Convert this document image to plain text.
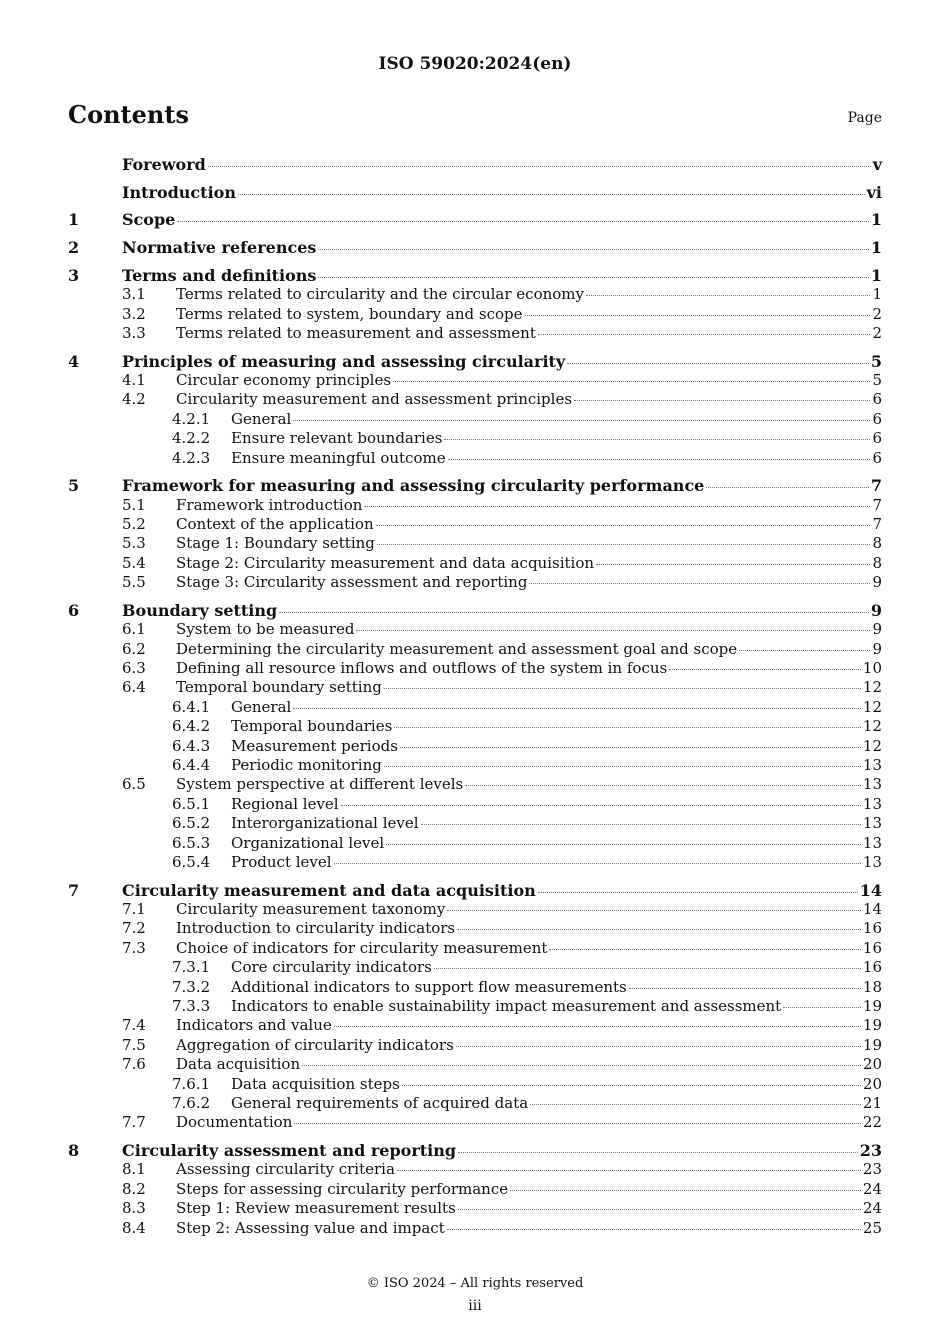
ISO 59020:2024(en)
Contents	Page
Foreword	v
Introduction	vi
1	Scope	1
2	Normative references	1
3	Terms and definitions	1
3.1	Terms related to circularity and the circular economy	1
3.2	Terms related to system, boundary and scope	2
3.3	Terms related to measurement and assessment	2
4	Principles of measuring and assessing circularity	5
4.1	Circular economy principles	5
4.2	Circularity measurement and assessment principles	6
4.2.1	General	6
4.2.2	Ensure relevant boundaries	6
4.2.3	Ensure meaningful outcome	6
5	Framework for measuring and assessing circularity performance	7
5.1	Framework introduction	7
5.2	Context of the application	7
5.3	Stage 1: Boundary setting	8
5.4	Stage 2: Circularity measurement and data acquisition	8
5.5	Stage 3: Circularity assessment and reporting	9
6	Boundary setting	9
6.1	System to be measured	9
6.2	Determining the circularity measurement and assessment goal and scope	9
6.3	Defining all resource inflows and outflows of the system in focus	10
6.4	Temporal boundary setting	12
6.4.1	General	12
6.4.2	Temporal boundaries	12
6.4.3	Measurement periods	12
6.4.4	Periodic monitoring	13
6.5	System perspective at different levels	13
6.5.1	Regional level	13
6.5.2	Interorganizational level	13
6.5.3	Organizational level	13
6.5.4	Product level	13
7	Circularity measurement and data acquisition	14
7.1	Circularity measurement taxonomy	14
7.2	Introduction to circularity indicators	16
7.3	Choice of indicators for circularity measurement	16
7.3.1	Core circularity indicators	16
7.3.2	Additional indicators to support flow measurements	18
7.3.3	Indicators to enable sustainability impact measurement and assessment	19
7.4	Indicators and value	19
7.5	Aggregation of circularity indicators	19
7.6	Data acquisition	20
7.6.1	Data acquisition steps	20
7.6.2	General requirements of acquired data	21
7.7	Documentation	22
8	Circularity assessment and reporting	23
8.1	Assessing circularity criteria	23
8.2	Steps for assessing circularity performance	24
8.3	Step 1: Review measurement results	24
8.4	Step 2: Assessing value and impact	25
© ISO 2024 – All rights reserved
iii
